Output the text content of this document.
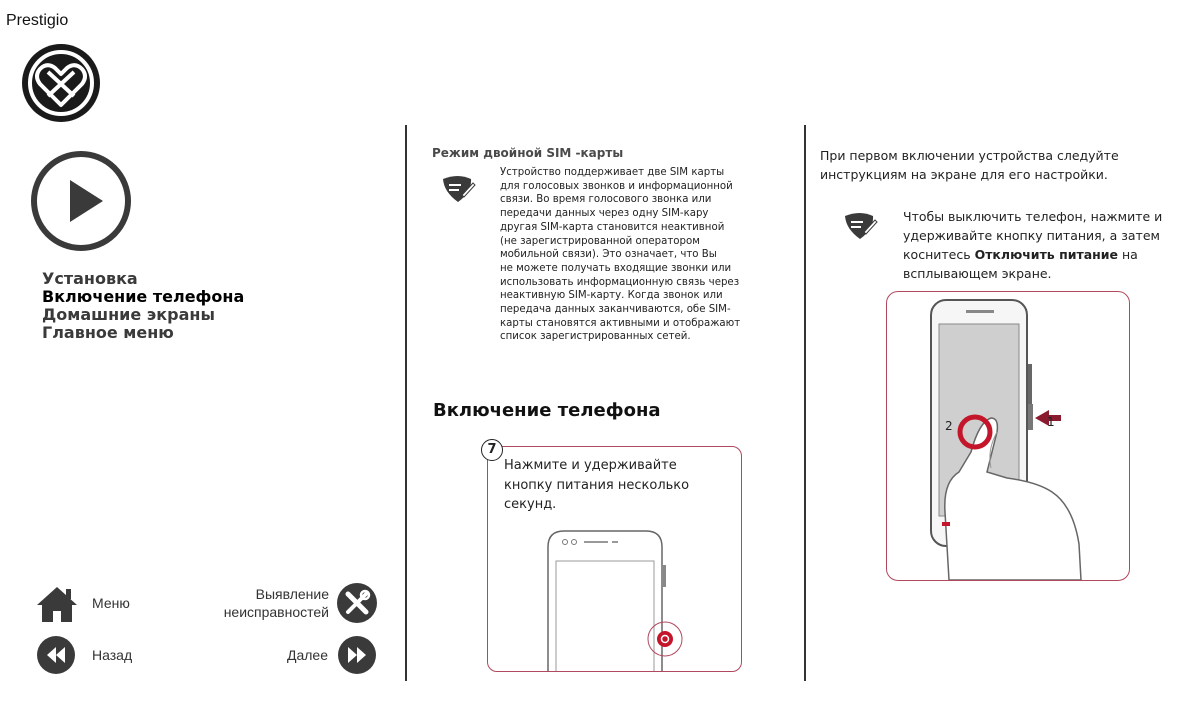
Prestigio
Установка
Включение телефона
Домашние экраны
Главное меню
Меню
Выявление
неисправностей
Назад	Далее
Режим двойной SIM -карты
Устройство поддерживает две SIM карты
для голосовых звонков и информационной
связи. Во время голосового звонка или
передачи данных через одну SIM-кару
другая SIM-карта становится неактивной
(не зарегистрированной оператором
мобильной связи). Это означает, что Вы
не можете получать входящие звонки или
использовать информационную связь через
неактивную SIM-карту. Когда звонок или
передача данных заканчиваются, обе SIM-
карты становятся активными и отображают
список зарегистрированных сетей.
Включение телефона
7
Нажмите и удерживайте
кнопку питания несколько
секунд.
При первом включении устройства следуйте
инструкциям на экране для его настройки.
Чтобы выключить телефон, нажмите и
удерживайте кнопку питания, а затем
коснитесь Отключить питание на
всплывающем экране.
1
2
